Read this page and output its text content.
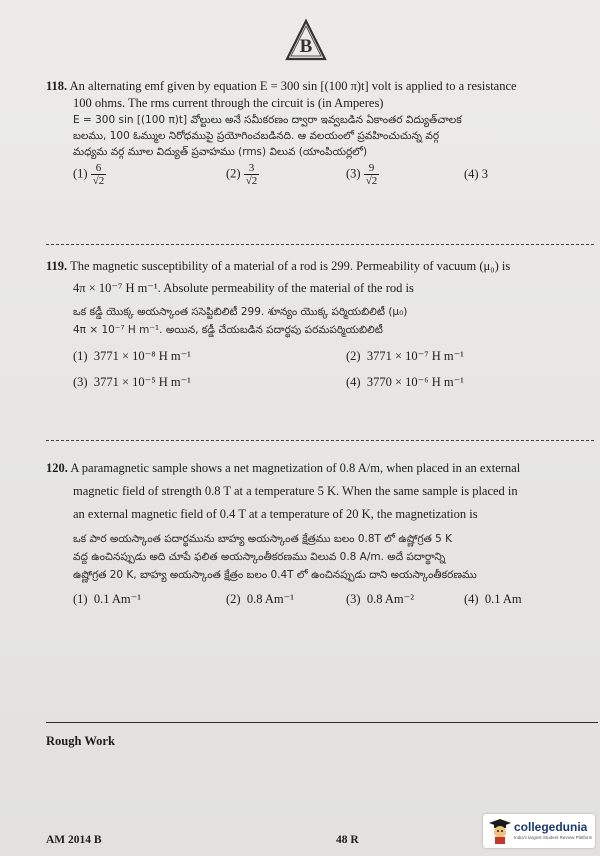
B

118. An alternating emf given by equation E = 300 sin [(100 π)t] volt is applied to a resistance

100 ohms. The rms current through the circuit is (in Amperes)

E = 300 sin [(100 π)t] వోల్టులు అనే సమీకరణం ద్వారా ఇవ్వబడిన ఏకాంతర విద్యుత్‌చాలక
బలము, 100 ఓమ్ముల నిరోధముపై ప్రయోగించబడినది. ఆ వలయంలో ప్రవహించుచున్న వర్గ
మధ్యమ వర్గ మూల విద్యుత్ ప్రవాహము (rms) విలువ (యాంపియర్లలో)
$(1) \frac{6}{√2}$	$(2) \frac{3}{√2}$	$(3) \frac{9}{√2}$	(4) 3

119. The magnetic susceptibility of a material of a rod is 299. Permeability of vacuum (μ₀) is

4π × 10⁻⁷ H m⁻¹. Absolute permeability of the material of the rod is

ఒక కడ్డీ యొక్క అయస్కాంత ససెప్టిబిలిటీ 299. శూన్యం యొక్క పర్మియబిలిటీ (μ₀)
4π × 10⁻⁷ H m⁻¹. అయిన, కడ్డీ చేయబడిన పదార్థపు పరమపర్మియబిలిటీ
(1) 3771 × 10⁻⁸ H m⁻¹	(2) 3771 × 10⁻⁷ H m⁻¹
(3) 3771 × 10⁻⁵ H m⁻¹	(4) 3770 × 10⁻⁶ H m⁻¹

120. A paramagnetic sample shows a net magnetization of 0.8 A/m, when placed in an external

magnetic field of strength 0.8 T at a temperature 5 K. When the same sample is placed in

an external magnetic field of 0.4 T at a temperature of 20 K, the magnetization is

ఒక పార అయస్కాంత పదార్థమును బాహ్య అయస్కాంత క్షేత్రము బలం 0.8T లో ఉష్ణోగ్రత 5 K
వద్ద ఉంచినప్పుడు అది చూపే ఫలిత అయస్కాంతీకరణము విలువ 0.8 A/m. అదే పదార్థాన్ని
ఉష్ణోగ్రత 20 K, బాహ్య అయస్కాంత క్షేత్రం బలం 0.4T లో ఉంచినప్పుడు దాని అయస్కాంతీకరణము
(1) 0.1 Am⁻¹	(2) 0.8 Am⁻¹	(3) 0.8 Am⁻²	(4) 0.1 Am
Rough Work
AM 2014 B	48 R
collegedunia
India's largest Student Review Platform
